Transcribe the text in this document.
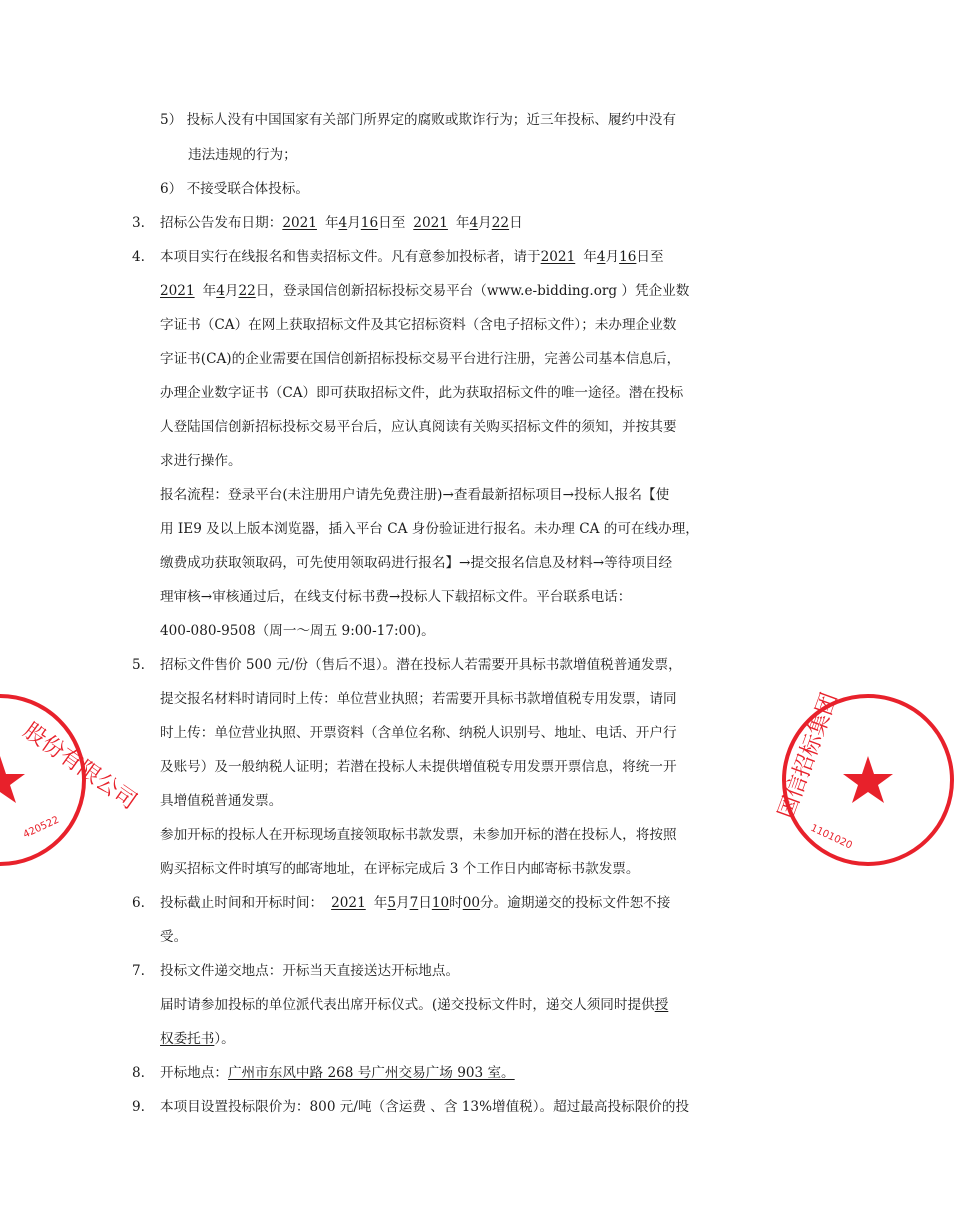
5） 投标人没有中国国家有关部门所界定的腐败或欺诈行为；近三年投标、履约中没有
违法违规的行为；
6） 不接受联合体投标。
3. 招标公告发布日期：2021 年4月16日至 2021 年4月22日
4. 本项目实行在线报名和售卖招标文件。凡有意参加投标者，请于2021 年4月16日至
2021 年4月22日，登录国信创新招标投标交易平台（www.e-bidding.org ）凭企业数
字证书（CA）在网上获取招标文件及其它招标资料（含电子招标文件）；未办理企业数
字证书(CA)的企业需要在国信创新招标投标交易平台进行注册，完善公司基本信息后，
办理企业数字证书（CA）即可获取招标文件，此为获取招标文件的唯一途径。潜在投标
人登陆国信创新招标投标交易平台后，应认真阅读有关购买招标文件的须知，并按其要
求进行操作。
报名流程：登录平台(未注册用户请先免费注册)→查看最新招标项目→投标人报名【使
用 IE9 及以上版本浏览器，插入平台 CA 身份验证进行报名。未办理 CA 的可在线办理，
缴费成功获取领取码，可先使用领取码进行报名】→提交报名信息及材料→等待项目经
理审核→审核通过后，在线支付标书费→投标人下载招标文件。平台联系电话：
400-080-9508（周一～周五 9:00-17:00)。
5. 招标文件售价 500 元/份（售后不退）。潜在投标人若需要开具标书款增值税普通发票，
提交报名材料时请同时上传：单位营业执照；若需要开具标书款增值税专用发票，请同
时上传：单位营业执照、开票资料（含单位名称、纳税人识别号、地址、电话、开户行
及账号）及一般纳税人证明；若潜在投标人未提供增值税专用发票开票信息，将统一开
具增值税普通发票。
参加开标的投标人在开标现场直接领取标书款发票，未参加开标的潜在投标人，将按照
购买招标文件时填写的邮寄地址，在评标完成后 3 个工作日内邮寄标书款发票。
6. 投标截止时间和开标时间： 2021 年5月7日10时00分。逾期递交的投标文件恕不接
受。
7. 投标文件递交地点：开标当天直接送达开标地点。
届时请参加投标的单位派代表出席开标仪式。(递交投标文件时，递交人须同时提供授
权委托书）。
8. 开标地点：广州市东风中路 268 号广州交易广场 903 室。
9. 本项目设置投标限价为：800 元/吨（含运费 、含 13%增值税）。超过最高投标限价的投
股份有限公司
420522
国信招标集团
1101020
